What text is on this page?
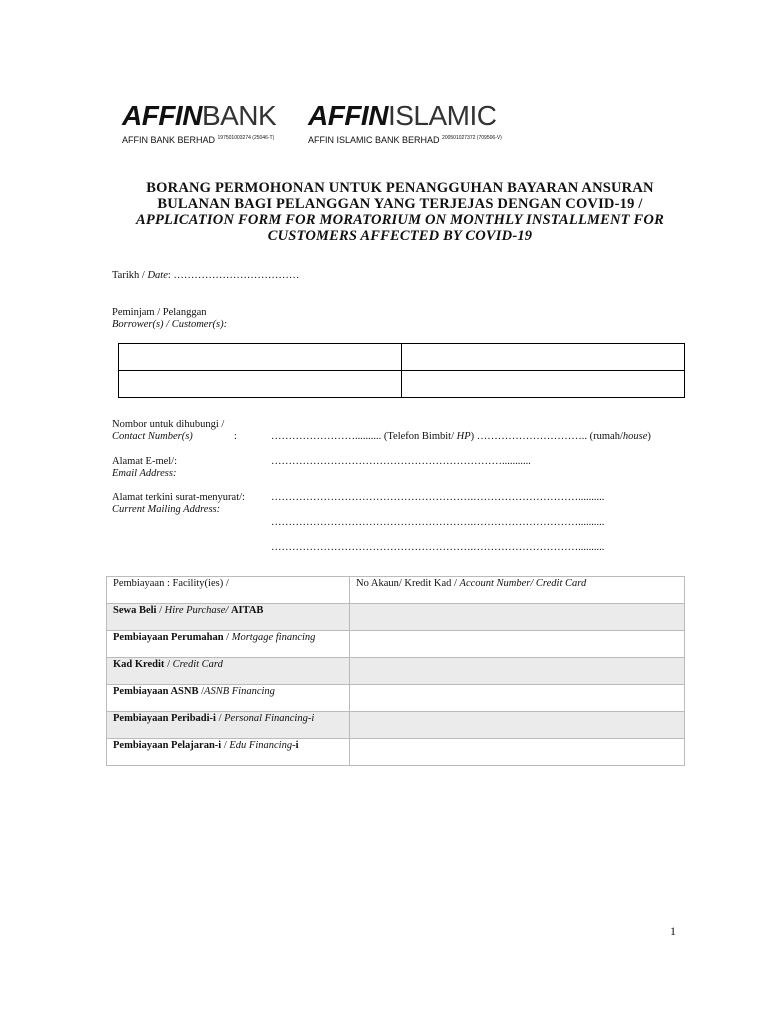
AFFINBANK
AFFIN BANK BERHAD $^{197501003274 (25046-T)}$
AFFINISLAMIC
AFFIN ISLAMIC BANK BERHAD $^{200501027372 (709506-V)}$
BORANG PERMOHONAN UNTUK PENANGGUHAN BAYARAN ANSURAN
BULANAN BAGI PELANGGAN YANG TERJEJAS DENGAN COVID-19 /
APPLICATION FORM FOR MORATORIUM ON MONTHLY INSTALLMENT FOR
CUSTOMERS AFFECTED BY COVID-19
Tarikh / Date: ………………………………
Peminjam / Pelanggan
Borrower(s) / Customer(s):

Nombor untuk dihubungi /
Contact Number(s)	:	…………………….......... (Telefon Bimbit/ HP) ………………………….. (rumah/house)
Alamat E-mel/:
Email Address:
…………………………………………………………...........
Alamat terkini surat-menyurat/:
Current Mailing Address:
………………………………………………….…………………………..........
………………………………………………….…………………………..........
………………………………………………….…………………………..........
Pembiayaan : Facility(ies) /	No Akaun/ Kredit Kad / Account Number/ Credit Card
Sewa Beli / Hire Purchase/ AITAB	
Pembiayaan Perumahan / Mortgage financing	
Kad Kredit / Credit Card	
Pembiayaan ASNB /ASNB Financing	
Pembiayaan Peribadi-i / Personal Financing-i	
Pembiayaan Pelajaran-i / Edu Financing-i	
1
